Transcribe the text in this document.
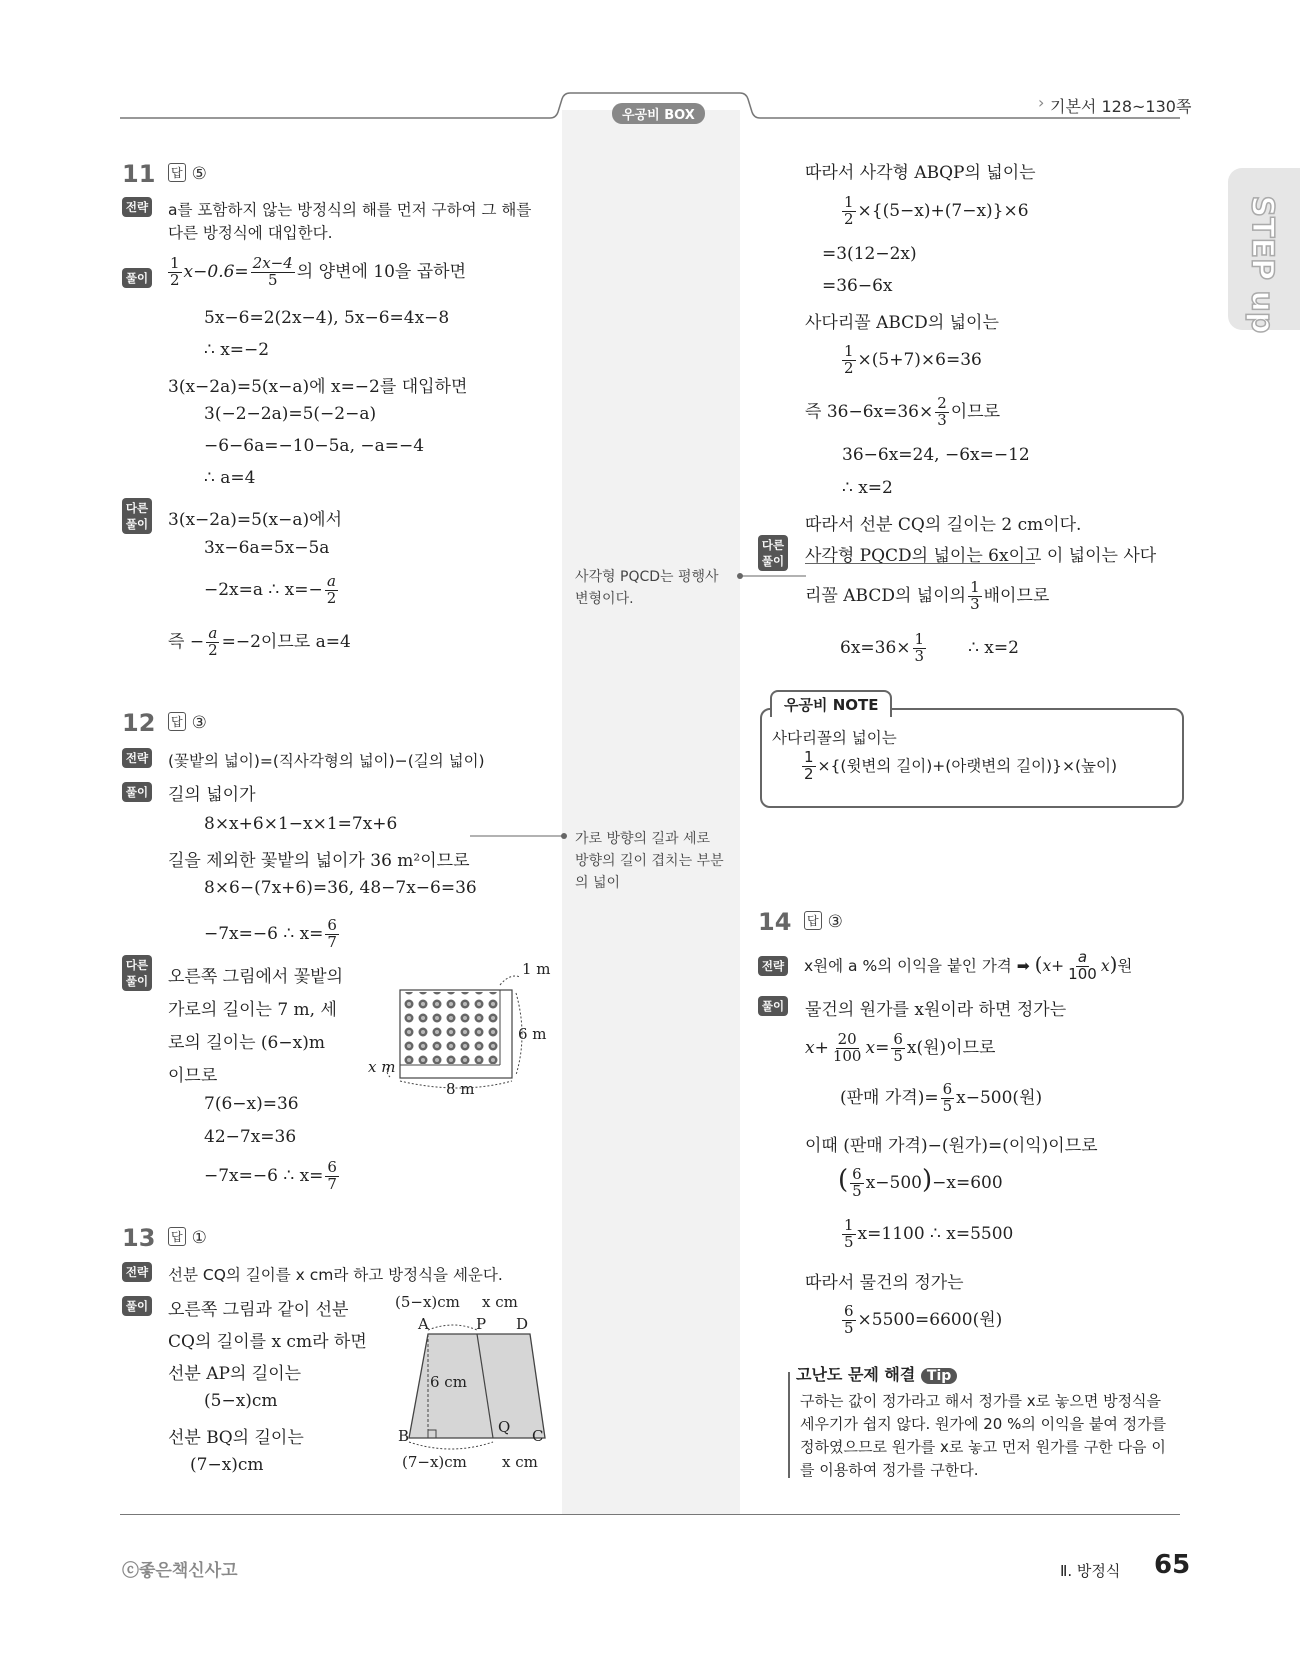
우공비 BOX
› 기본서 128~130쪽
STEP up
11 답 ⑤
전략 a를 포함하지 않는 방정식의 해를 먼저 구하여 그 해를
다른 방정식에 대입한다.
풀이 $\frac{1}{2} x-0.6= \frac{2x-4}{5}$ 의 양변에 10을 곱하면
5x−6=2(2x−4), 5x−6=4x−8
∴ x=−2
3(x−2a)=5(x−a)에 x=−2를 대입하면
3(−2−2a)=5(−2−a)
−6−6a=−10−5a, −a=−4
∴ a=4
다른
풀이 3(x−2a)=5(x−a)에서
3x−6a=5x−5a
−2x=a ∴ $x=- \frac{a}{2}$
즉 − $\frac{a}{2} =-2$이므로 a=4
12 답 ③
전략 (꽃밭의 넓이)=(직사각형의 넓이)−(길의 넓이)
풀이 길의 넓이가
8×x+6×1−x×1=7x+6
길을 제외한 꽃밭의 넓이가 36 m²이므로
8×6−(7x+6)=36, 48−7x−6=36
−7x=−6 ∴ $x= \frac{6}{7}$
가로 방향의 길과 세로
방향의 길이 겹치는 부분
의 넓이
다른
풀이 오른쪽 그림에서 꽃밭의
가로의 길이는 7 m, 세
로의 길이는 (6−x)m
이므로
7(6−x)=36
42−7x=36
−7x=−6 ∴ $x= \frac{6}{7}$
1 m
6 m
x m
8 m
13 답 ①
전략 선분 CQ의 길이를 x cm라 하고 방정식을 세운다.
풀이 오른쪽 그림과 같이 선분
CQ의 길이를 x cm라 하면
선분 AP의 길이는
(5−x)cm
선분 BQ의 길이는
(7−x)cm
(5−x)cm x cm
A	P D
6 cm
B	Q C
(7−x)cm x cm
따라서 사각형 ABQP의 넓이는
$\frac{1}{2} \times\{(5-x)+(7-x)\}\times 6$
=3(12−2x)
=36−6x
사다리꼴 ABCD의 넓이는
$\frac{1}{2} \times(5+7)\times 6=36$
즉 $36-6x=36\times \frac{2}{3}$ 이므로
36−6x=24, −6x=−12
∴ x=2
따라서 선분 CQ의 길이는 2 cm이다.
다른
풀이 사각형 PQCD의 넓이는 6x이고 이 넓이는 사다
사각형 PQCD는 평행사
변형이다.	리꼴 ABCD의 넓이의 $\frac{1}{3}$ 배이므로
$6x=36\times \frac{1}{3}$ ∴ x=2
우공비 NOTE
사다리꼴의 넓이는
$\frac{1}{2}$ ×{(윗변의 길이)+(아랫변의 길이)}×(높이)
14 답 ③
전략 x원에 a %의 이익을 붙인 가격 ➡ $(x+ \frac{a}{100} x)$원
풀이 물건의 원가를 x원이라 하면 정가는
$x+ \frac{20}{100} x= \frac{6}{5} x$(원)이므로
(판매 가격)= $\frac{6}{5} x-500$(원)
이때 (판매 가격)−(원가)=(이익)이므로
( $\frac{6}{5} x-500)-x=600$
$\frac{1}{5} x=1100$ ∴ x=5500
따라서 물건의 정가는
$\frac{6}{5} \times 5500=6600$(원)
고난도 문제 해결 Tip
구하는 값이 정가라고 해서 정가를 x로 놓으면 방정식을
세우기가 쉽지 않다. 원가에 20 %의 이익을 붙여 정가를
정하였으므로 원가를 x로 놓고 먼저 원가를 구한 다음 이
를 이용하여 정가를 구한다.
ⓒ좋은책신사고	Ⅱ. 방정식 65
